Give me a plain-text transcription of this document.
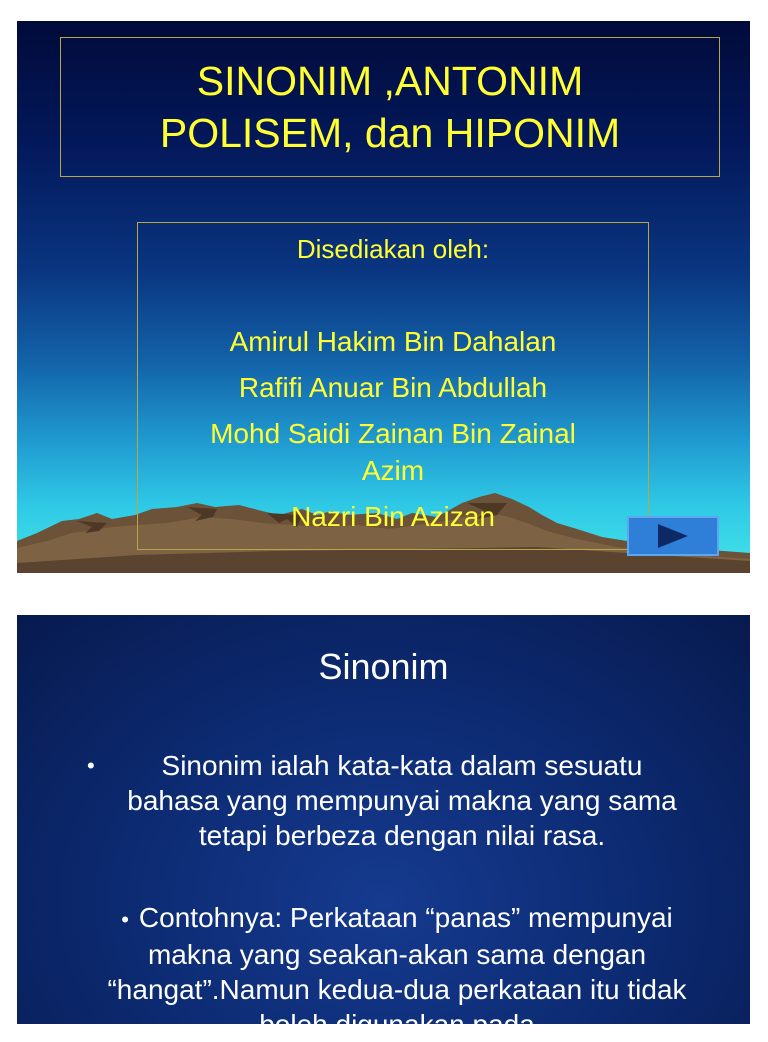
SINONIM ,ANTONIM
POLISEM, dan HIPONIM
Disediakan oleh:
Amirul Hakim Bin Dahalan
Rafifi Anuar Bin Abdullah
Mohd Saidi Zainan Bin Zainal Azim
Nazri Bin Azizan
Sinonim
•	Sinonim ialah kata-kata dalam sesuatu bahasa yang mempunyai makna yang sama tetapi berbeza dengan nilai rasa.
• Contohnya: Perkataan “panas” mempunyai makna yang seakan-akan sama dengan “hangat”.Namun kedua-dua perkataan itu tidak boleh digunakan pada
